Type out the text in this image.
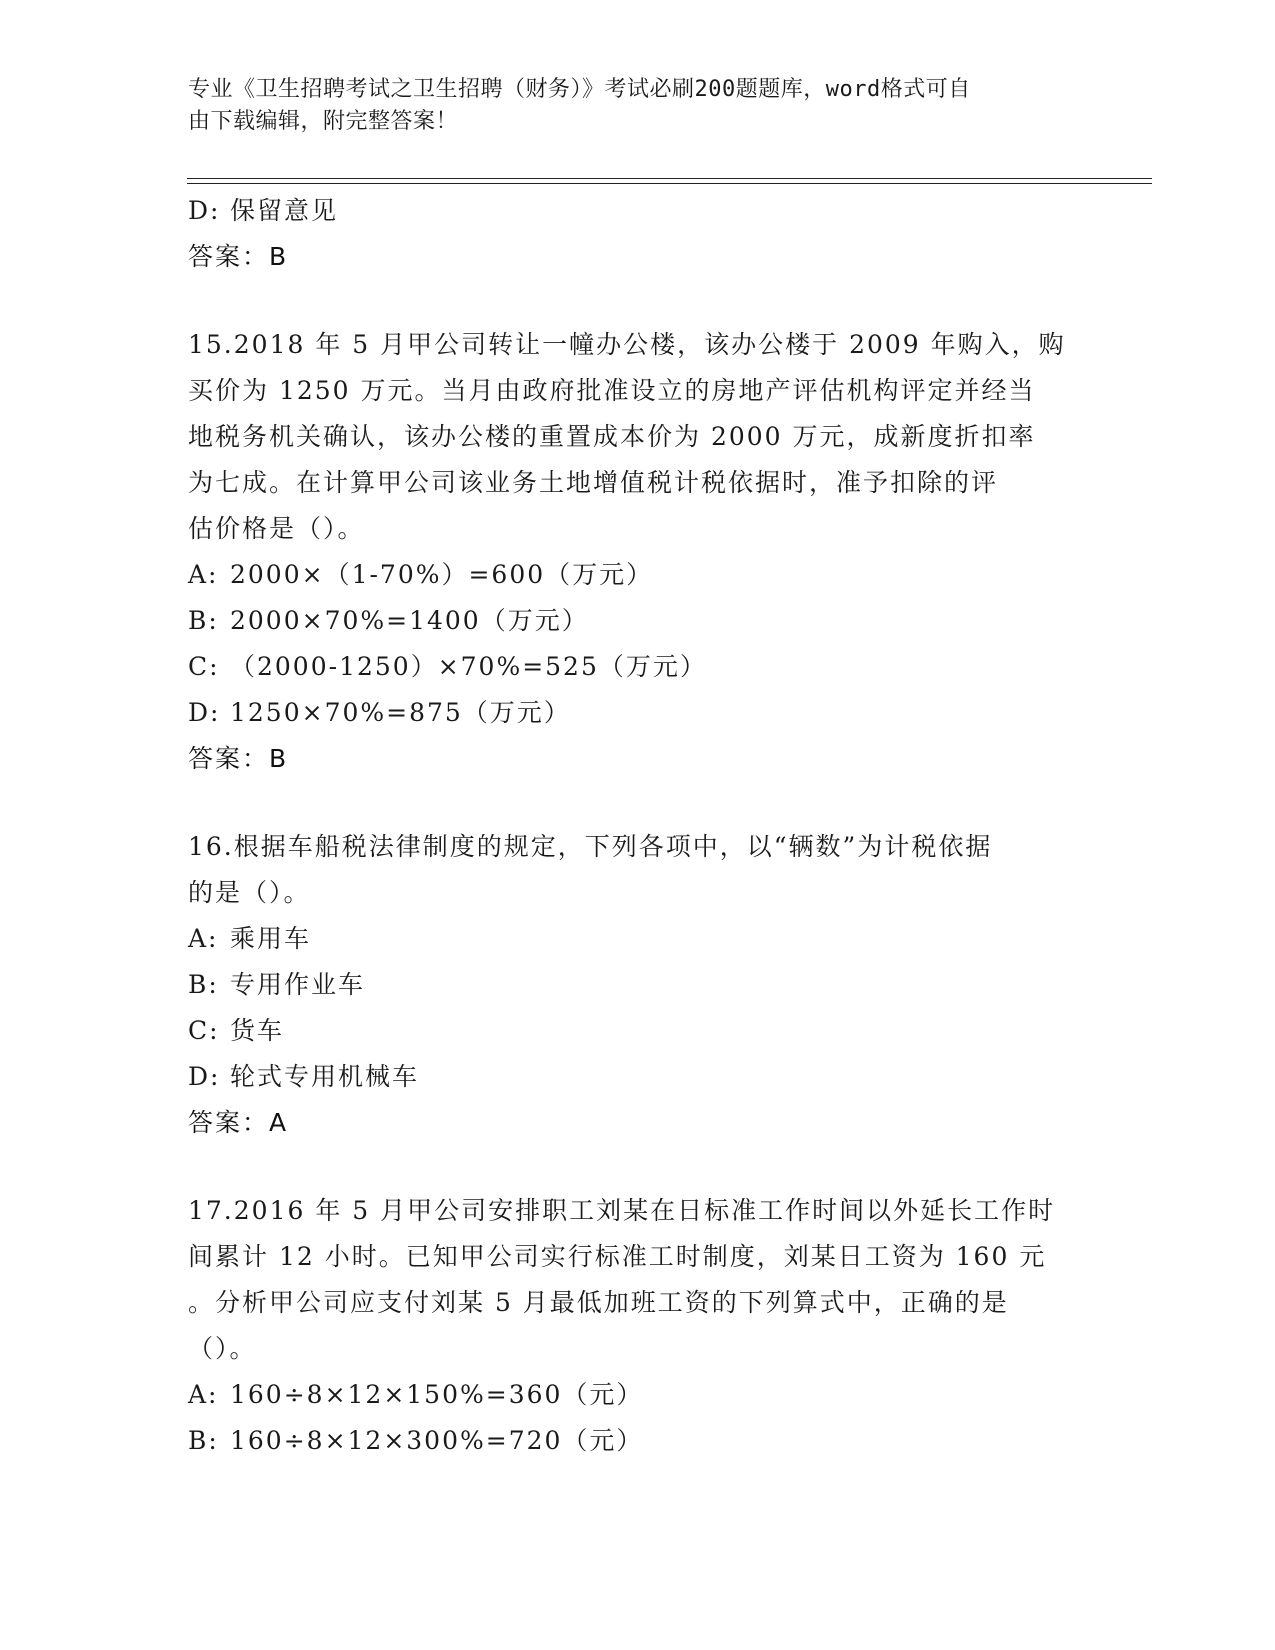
专业《卫生招聘考试之卫生招聘（财务）》考试必刷200题题库，word格式可自
由下载编辑，附完整答案！
D: 保留意见
答案：B
15.2018 年 5 月甲公司转让一幢办公楼，该办公楼于 2009 年购入，购
买价为 1250 万元。当月由政府批准设立的房地产评估机构评定并经当
地税务机关确认，该办公楼的重置成本价为 2000 万元，成新度折扣率
为七成。在计算甲公司该业务土地增值税计税依据时，准予扣除的评
估价格是（）。
A: 2000×（1-70%）=600（万元）
B: 2000×70%=1400（万元）
C: （2000-1250）×70%=525（万元）
D: 1250×70%=875（万元）
答案：B
16.根据车船税法律制度的规定，下列各项中，以“辆数”为计税依据
的是（）。
A: 乘用车
B: 专用作业车
C: 货车
D: 轮式专用机械车
答案：A
17.2016 年 5 月甲公司安排职工刘某在日标准工作时间以外延长工作时
间累计 12 小时。已知甲公司实行标准工时制度，刘某日工资为 160 元
。分析甲公司应支付刘某 5 月最低加班工资的下列算式中，正确的是
（）。
A: 160÷8×12×150%=360（元）
B: 160÷8×12×300%=720（元）
